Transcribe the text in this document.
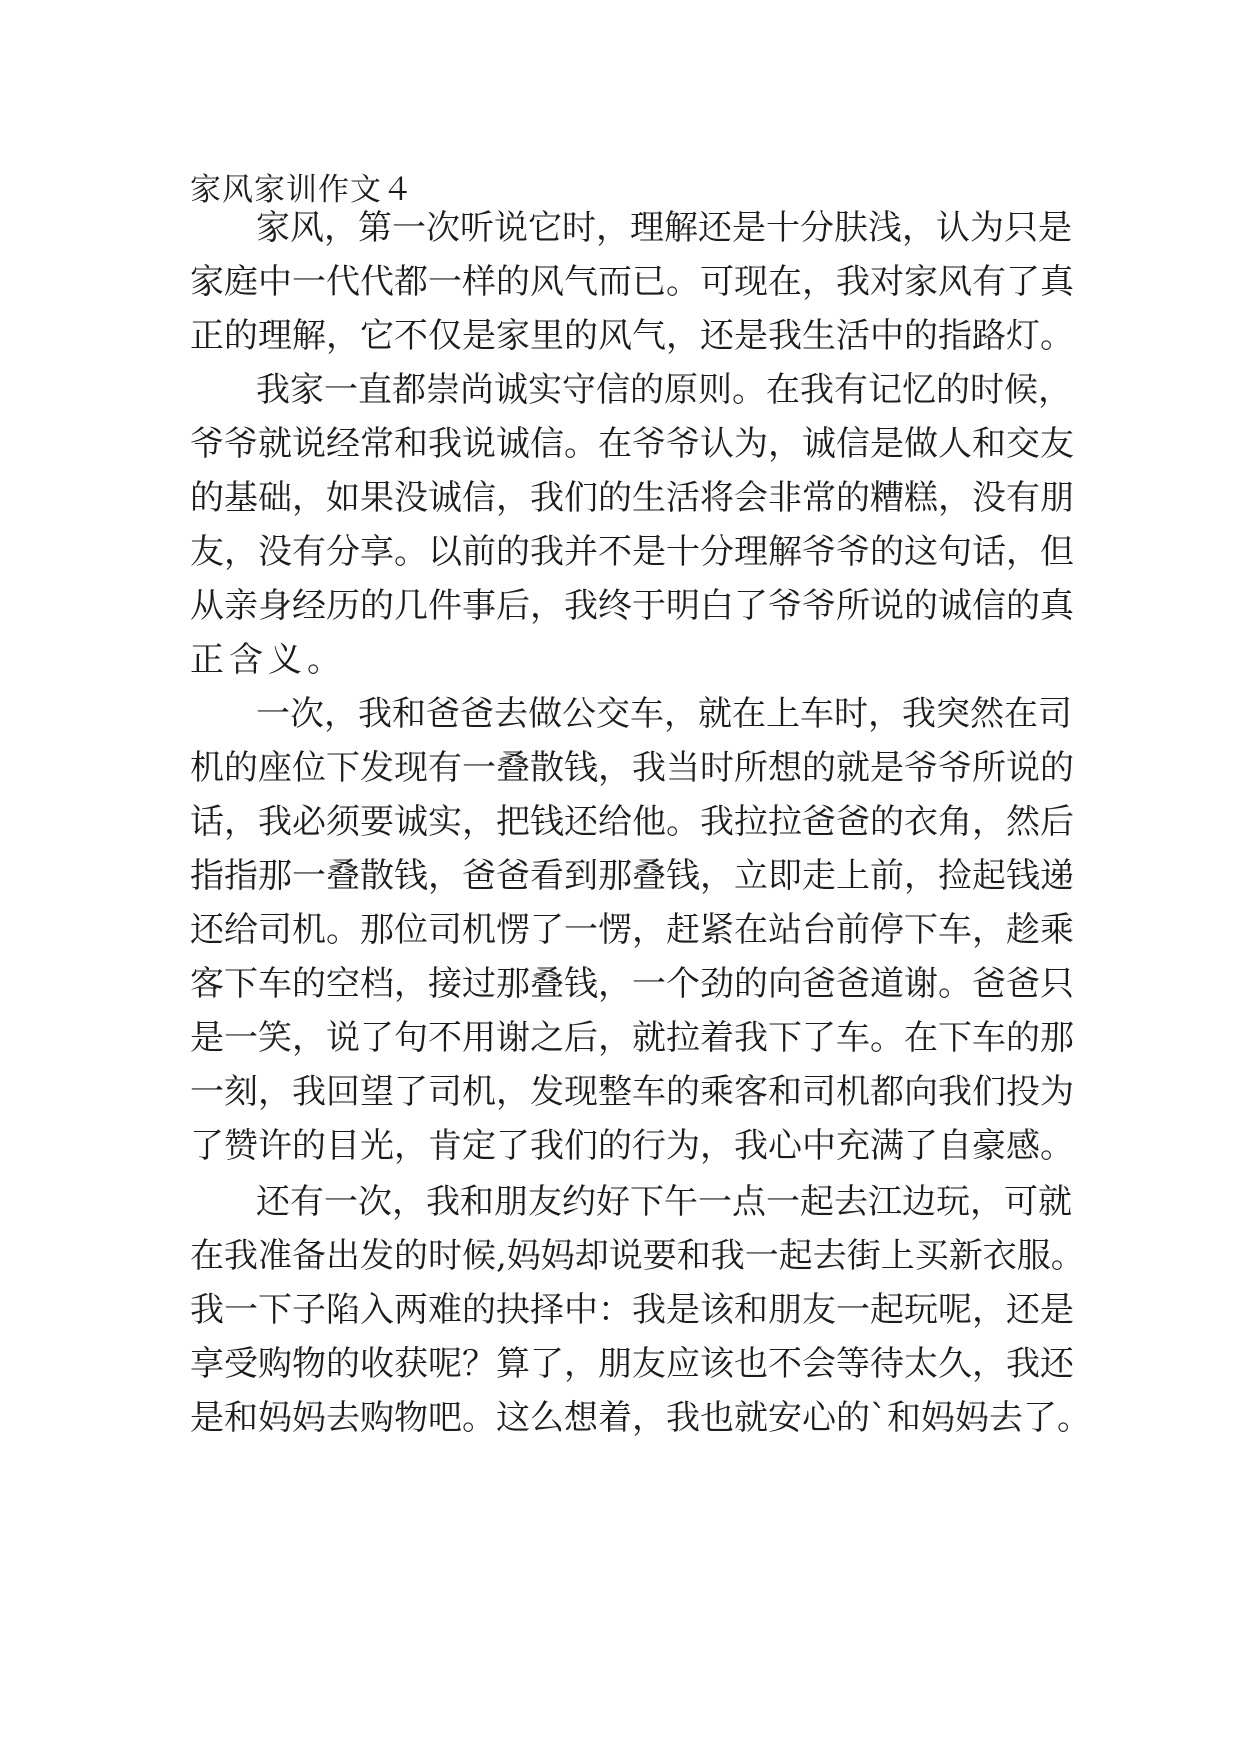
家风家训作文４
家风，第一次听说它时，理解还是十分肤浅，认为只是
家庭中一代代都一样的风气而已。可现在，我对家风有了真
正的理解，它不仅是家里的风气，还是我生活中的指路灯。
我家一直都崇尚诚实守信的原则。在我有记忆的时候，
爷爷就说经常和我说诚信。在爷爷认为，诚信是做人和交友
的基础，如果没诚信，我们的生活将会非常的糟糕，没有朋
友，没有分享。以前的我并不是十分理解爷爷的这句话，但
从亲身经历的几件事后，我终于明白了爷爷所说的诚信的真
正含义。
一次，我和爸爸去做公交车，就在上车时，我突然在司
机的座位下发现有一叠散钱，我当时所想的就是爷爷所说的
话，我必须要诚实，把钱还给他。我拉拉爸爸的衣角，然后
指指那一叠散钱，爸爸看到那叠钱，立即走上前，捡起钱递
还给司机。那位司机愣了一愣，赶紧在站台前停下车，趁乘
客下车的空档，接过那叠钱，一个劲的向爸爸道谢。爸爸只
是一笑，说了句不用谢之后，就拉着我下了车。在下车的那
一刻，我回望了司机，发现整车的乘客和司机都向我们投为
了赞许的目光，肯定了我们的行为，我心中充满了自豪感。
还有一次，我和朋友约好下午一点一起去江边玩，可就
在我准备出发的时候,妈妈却说要和我一起去街上买新衣服。
我一下子陷入两难的抉择中：我是该和朋友一起玩呢，还是
享受购物的收获呢？算了，朋友应该也不会等待太久，我还
是和妈妈去购物吧。这么想着，我也就安心的`和妈妈去了。
